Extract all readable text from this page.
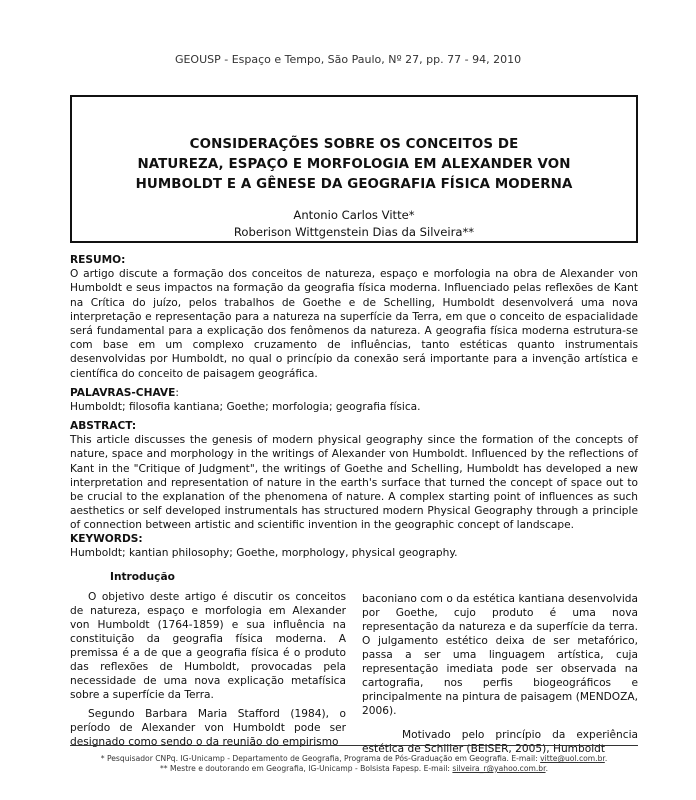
GEOUSP - Espaço e Tempo, São Paulo, Nº 27, pp. 77 - 94, 2010
CONSIDERAÇÕES SOBRE OS CONCEITOS DE
NATUREZA, ESPAÇO E MORFOLOGIA EM ALEXANDER VON
HUMBOLDT E A GÊNESE DA GEOGRAFIA FÍSICA MODERNA
Antonio Carlos Vitte*
Roberison Wittgenstein Dias da Silveira**
RESUMO:
O artigo discute a formação dos conceitos de natureza, espaço e morfologia na obra de Alexander von Humboldt e seus impactos na formação da geografia física moderna. Influenciado pelas reflexões de Kant na Crítica do juízo, pelos trabalhos de Goethe e de Schelling, Humboldt desenvolverá uma nova interpretação e representação para a natureza na superfície da Terra, em que o conceito de espacialidade será fundamental para a explicação dos fenômenos da natureza. A geografia física moderna estrutura-se com base em um complexo cruzamento de influências, tanto estéticas quanto instrumentais desenvolvidas por Humboldt, no qual o princípio da conexão será importante para a invenção artística e científica do conceito de paisagem geográfica.
PALAVRAS-CHAVE:
Humboldt; filosofia kantiana; Goethe; morfologia; geografia física.
ABSTRACT:
This article discusses the genesis of modern physical geography since the formation of the concepts of nature, space and morphology in the writings of Alexander von Humboldt. Influenced by the reflections of Kant in the "Critique of Judgment", the writings of Goethe and Schelling, Humboldt has developed a new interpretation and representation of nature in the earth's surface that turned the concept of space out to be crucial to the explanation of the phenomena of nature. A complex starting point of influences as such aesthetics or self developed instrumentals has structured modern Physical Geography through a principle of connection between artistic and scientific invention in the geographic concept of landscape.
KEYWORDS:
Humboldt; kantian philosophy; Goethe, morphology, physical geography.

Introdução

O objetivo deste artigo é discutir os conceitos de natureza, espaço e morfologia em Alexander von Humboldt (1764-1859) e sua influência na constituição da geografia física moderna. A premissa é a de que a geografia física é o produto das reflexões de Humboldt, provocadas pela necessidade de uma nova explicação metafísica sobre a superfície da Terra.

Segundo Barbara Maria Stafford (1984), o período de Alexander von Humboldt pode ser designado como sendo o da reunião do empirismo

baconiano com o da estética kantiana desenvolvida por Goethe, cujo produto é uma nova representação da natureza e da superfície da terra. O julgamento estético deixa de ser metafórico, passa a ser uma linguagem artística, cuja representação imediata pode ser observada na cartografia, nos perfis biogeográficos e principalmente na pintura de paisagem (MENDOZA, 2006).

Motivado pelo princípio da experiência estética de Schiller (BEISER, 2005), Humboldt

* Pesquisador CNPq. IG-Unicamp - Departamento de Geografia, Programa de Pós-Graduação em Geografia. E-mail: vitte@uol.com.br.
** Mestre e doutorando em Geografia, IG-Unicamp - Bolsista Fapesp. E-mail: silveira_r@yahoo.com.br.
